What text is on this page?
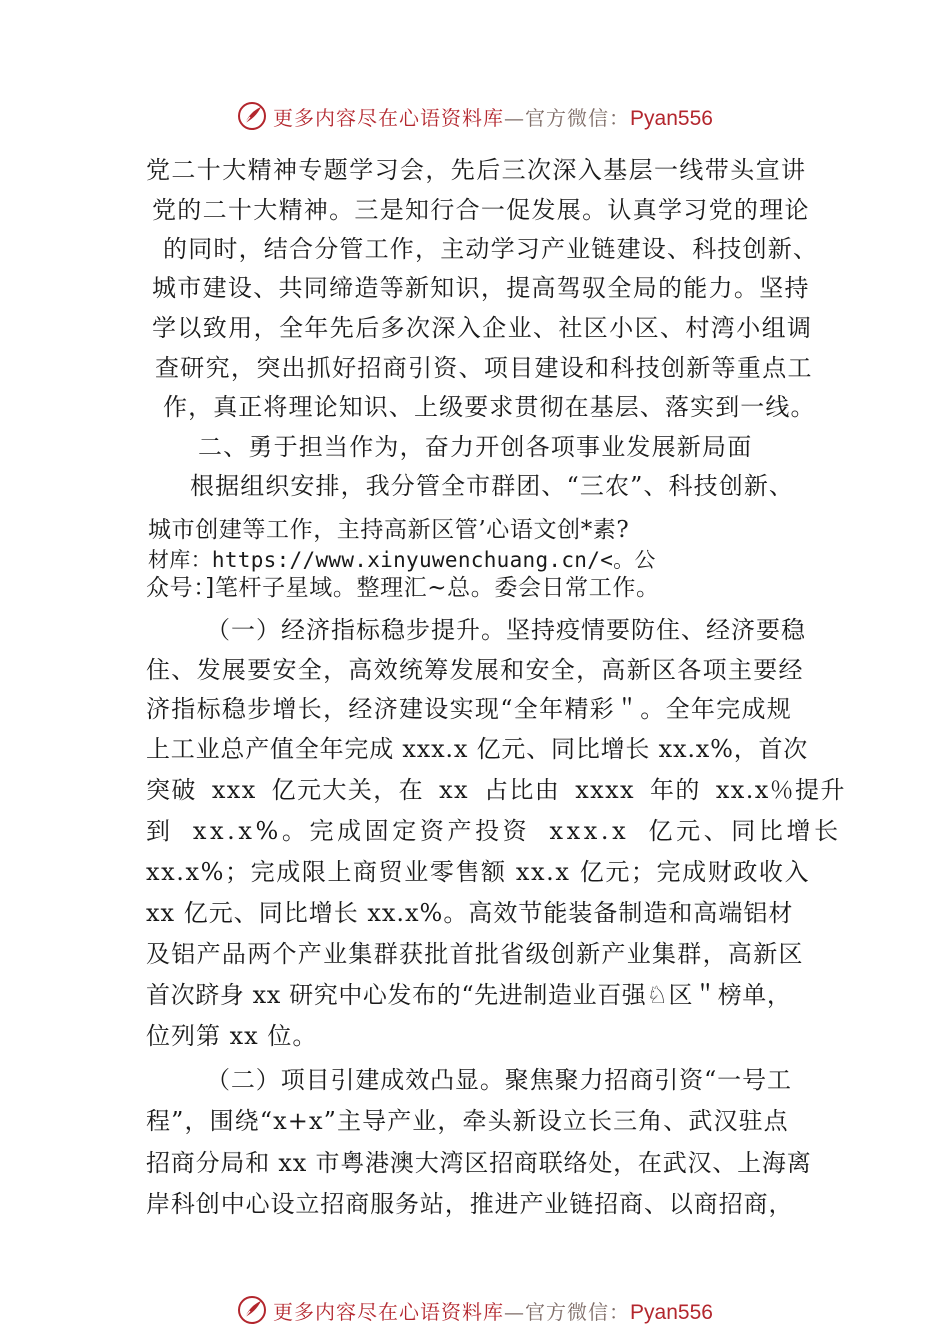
更多内容尽在心语资料库—官方微信：Pyan556
党二十大精神专题学习会，先后三次深入基层一线带头宣讲
党的二十大精神。三是知行合一促发展。认真学习党的理论
的同时，结合分管工作，主动学习产业链建设、科技创新、
城市建设、共同缔造等新知识，提高驾驭全局的能力。坚持
学以致用，全年先后多次深入企业、社区小区、村湾小组调
查研究，突出抓好招商引资、项目建设和科技创新等重点工
作，真正将理论知识、上级要求贯彻在基层、落实到一线。
二、勇于担当作为，奋力开创各项事业发展新局面
根据组织安排，我分管全市群团、“三农”、科技创新、
城市创建等工作，主持高新区管’心语文创*素?
材库：https://www.xinyuwenchuang.cn/<。公
众号：]笔杆子星域。整理汇~总。委会日常工作。
（一）经济指标稳步提升。坚持疫情要防住、经济要稳
住、发展要安全，高效统筹发展和安全，高新区各项主要经
济指标稳步增长，经济建设实现“全年精彩＂。全年完成规
上工业总产值全年完成 xxx.x 亿元、同比增长 xx.x%，首次
突破 xxx 亿元大关，在 xx 占比由 xxxx 年的 xx.x％提升
到 xx.x%。完成固定资产投资 xxx.x 亿元、同比增长
xx.x%；完成限上商贸业零售额 xx.x 亿元；完成财政收入
xx 亿元、同比增长 xx.x%。高效节能装备制造和高端铝材
及铝产品两个产业集群获批首批省级创新产业集群，高新区
首次跻身 xx 研究中心发布的“先进制造业百强♘区＂榜单，
位列第 xx 位。
（二）项目引建成效凸显。聚焦聚力招商引资“一号工
程”，围绕“x+x”主导产业，牵头新设立长三角、武汉驻点
招商分局和 xx 市粤港澳大湾区招商联络处，在武汉、上海离
岸科创中心设立招商服务站，推进产业链招商、以商招商，
更多内容尽在心语资料库—官方微信：Pyan556
